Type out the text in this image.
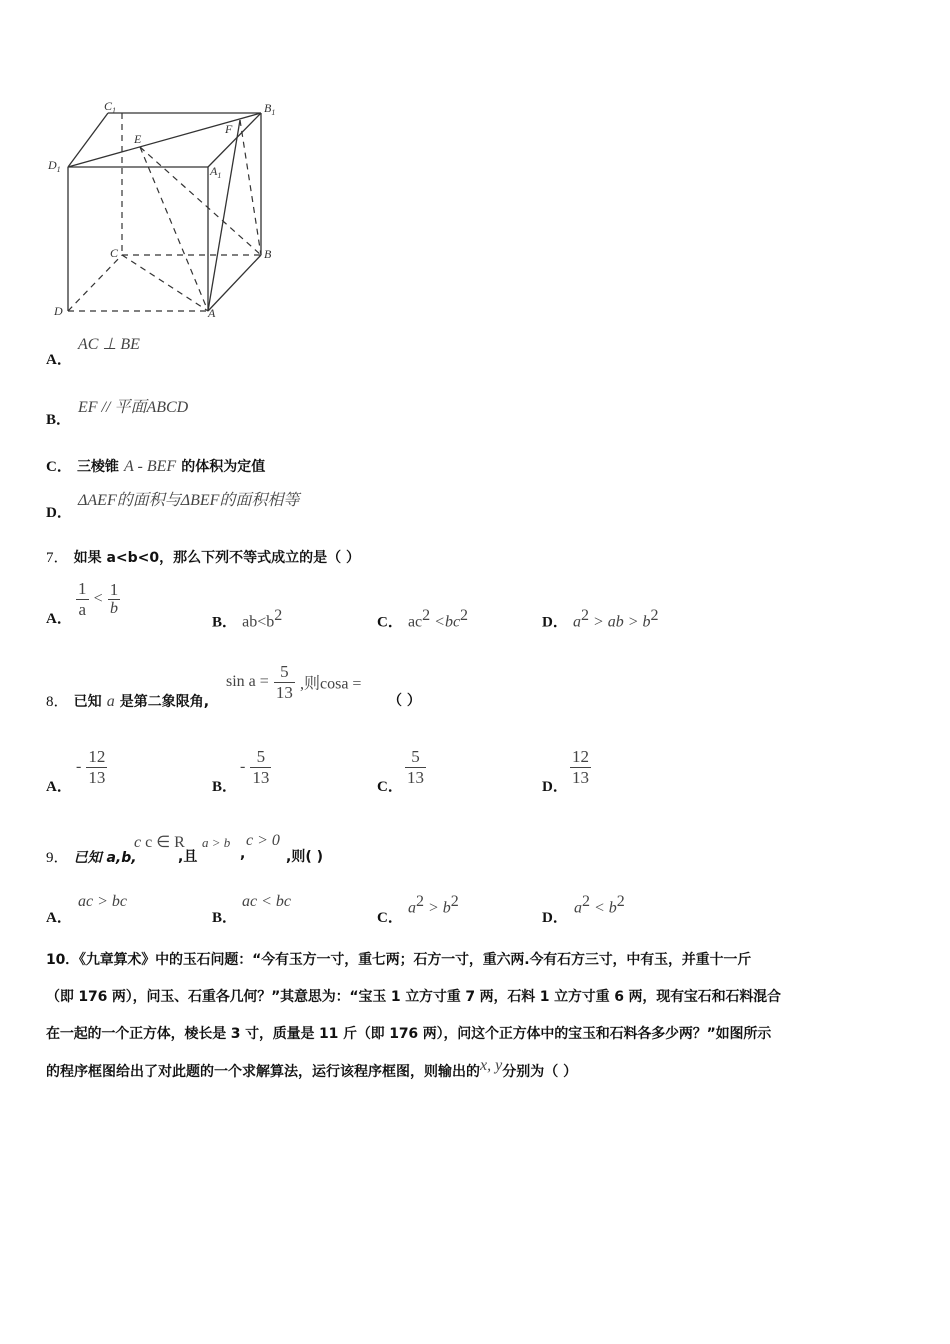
$C_1$	$B_1$
$D_1$	$A_1$
E
F
C	B
D	A
A．
AC ⊥ BE
B．
EF // 平面ABCD
C． 三棱锥 A - BEF 的体积为定值
D．
ΔAEF的面积与ΔBEF的面积相等
7． 如果 a<b<0，那么下列不等式成立的是（ ）
A． $\frac{1}{a} < \frac{1}{b}$
B． $ab<b^2$	C． $ac^2 <bc^2$	D． $a^2$ > ab > $b^2$
8． 已知 a 是第二象限角,
$\sin a = \frac{5}{13}$ ,则cosa =
（ ）
A．
- $\frac{12}{13}$	B．
- $\frac{5}{13}$	C． $\frac{5}{13}$	D． $\frac{12}{13}$
9． 已知 a,b,
c c ∈ R
,且
a > b
,
c > 0
,则( )
A．
ac > bc
B．
ac < bc
C．
$a^2 > b^2$
D．
$a^2 < b^2$
10．《九章算术》中的玉石问题：“今有玉方一寸，重七两；石方一寸，重六两.今有石方三寸，中有玉，并重十一斤
（即 176 两），问玉、石重各几何？”其意思为：“宝玉 1 立方寸重 7 两，石料 1 立方寸重 6 两，现有宝石和石料混合
在一起的一个正方体，棱长是 3 寸，质量是 11 斤（即 176 两），问这个正方体中的宝玉和石料各多少两？”如图所示
的程序框图给出了对此题的一个求解算法，运行该程序框图，则输出的x, y分别为（ ）
